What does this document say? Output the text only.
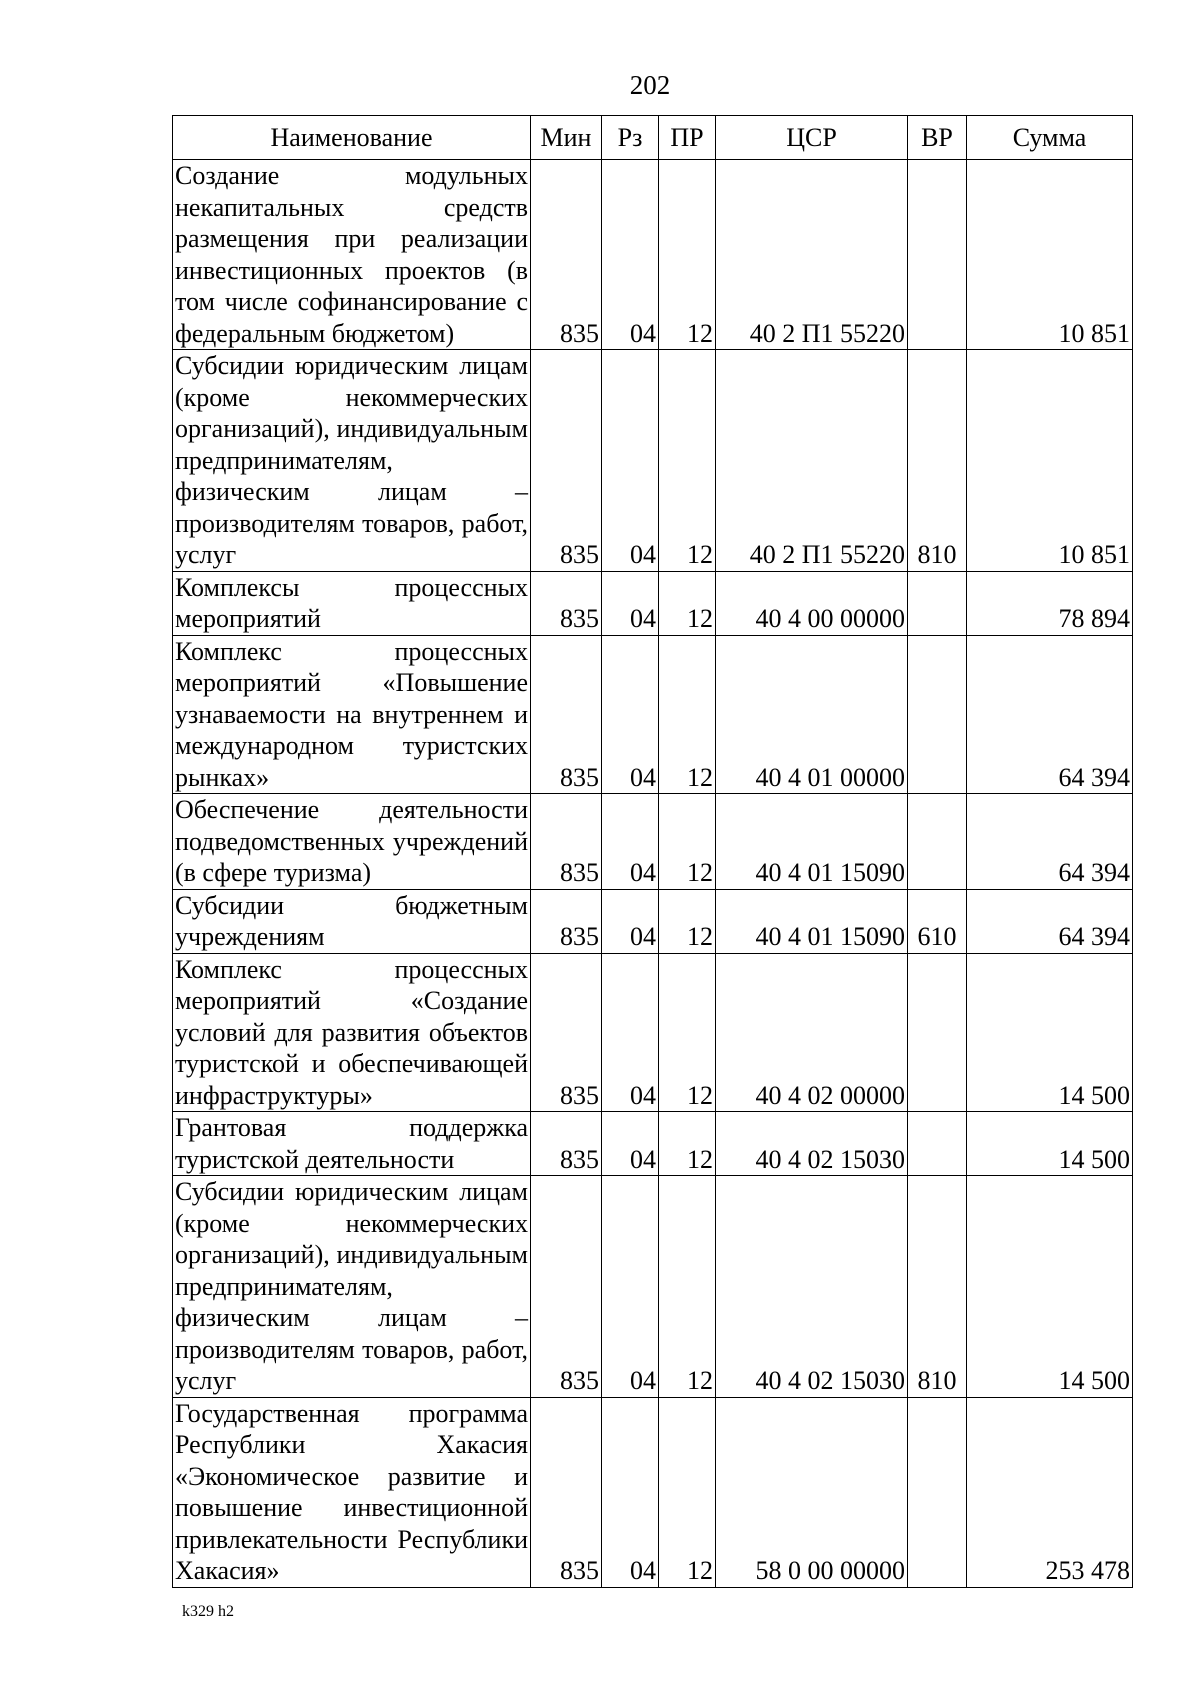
202
Наименование	Мин	Рз	ПР	ЦСР	ВР	Сумма
Создание модульных некапитальных средств размещения при реализации инвестиционных проектов (в том числе софинансирование с федеральным бюджетом)	835	04	12	40 2 П1 55220		10 851
Субсидии юридическим лицам (кроме некоммерческих организаций), индивидуальным предпринимателям, физическим лицам – производителям товаров, работ, услуг	835	04	12	40 2 П1 55220	810	10 851
Комплексы процессных мероприятий	835	04	12	40 4 00 00000		78 894
Комплекс процессных мероприятий «Повышение узнаваемости на внутреннем и международном туристских рынках»	835	04	12	40 4 01 00000		64 394
Обеспечение деятельности подведомственных учреждений (в сфере туризма)	835	04	12	40 4 01 15090		64 394
Субсидии бюджетным учреждениям	835	04	12	40 4 01 15090	610	64 394
Комплекс процессных мероприятий «Создание условий для развития объектов туристской и обеспечивающей инфраструктуры»	835	04	12	40 4 02 00000		14 500
Грантовая поддержка туристской деятельности	835	04	12	40 4 02 15030		14 500
Субсидии юридическим лицам (кроме некоммерческих организаций), индивидуальным предпринимателям, физическим лицам – производителям товаров, работ, услуг	835	04	12	40 4 02 15030	810	14 500
Государственная программа Республики Хакасия «Экономическое развитие и повышение инвестиционной привлекательности Республики Хакасия»	835	04	12	58 0 00 00000		253 478
k329 h2
